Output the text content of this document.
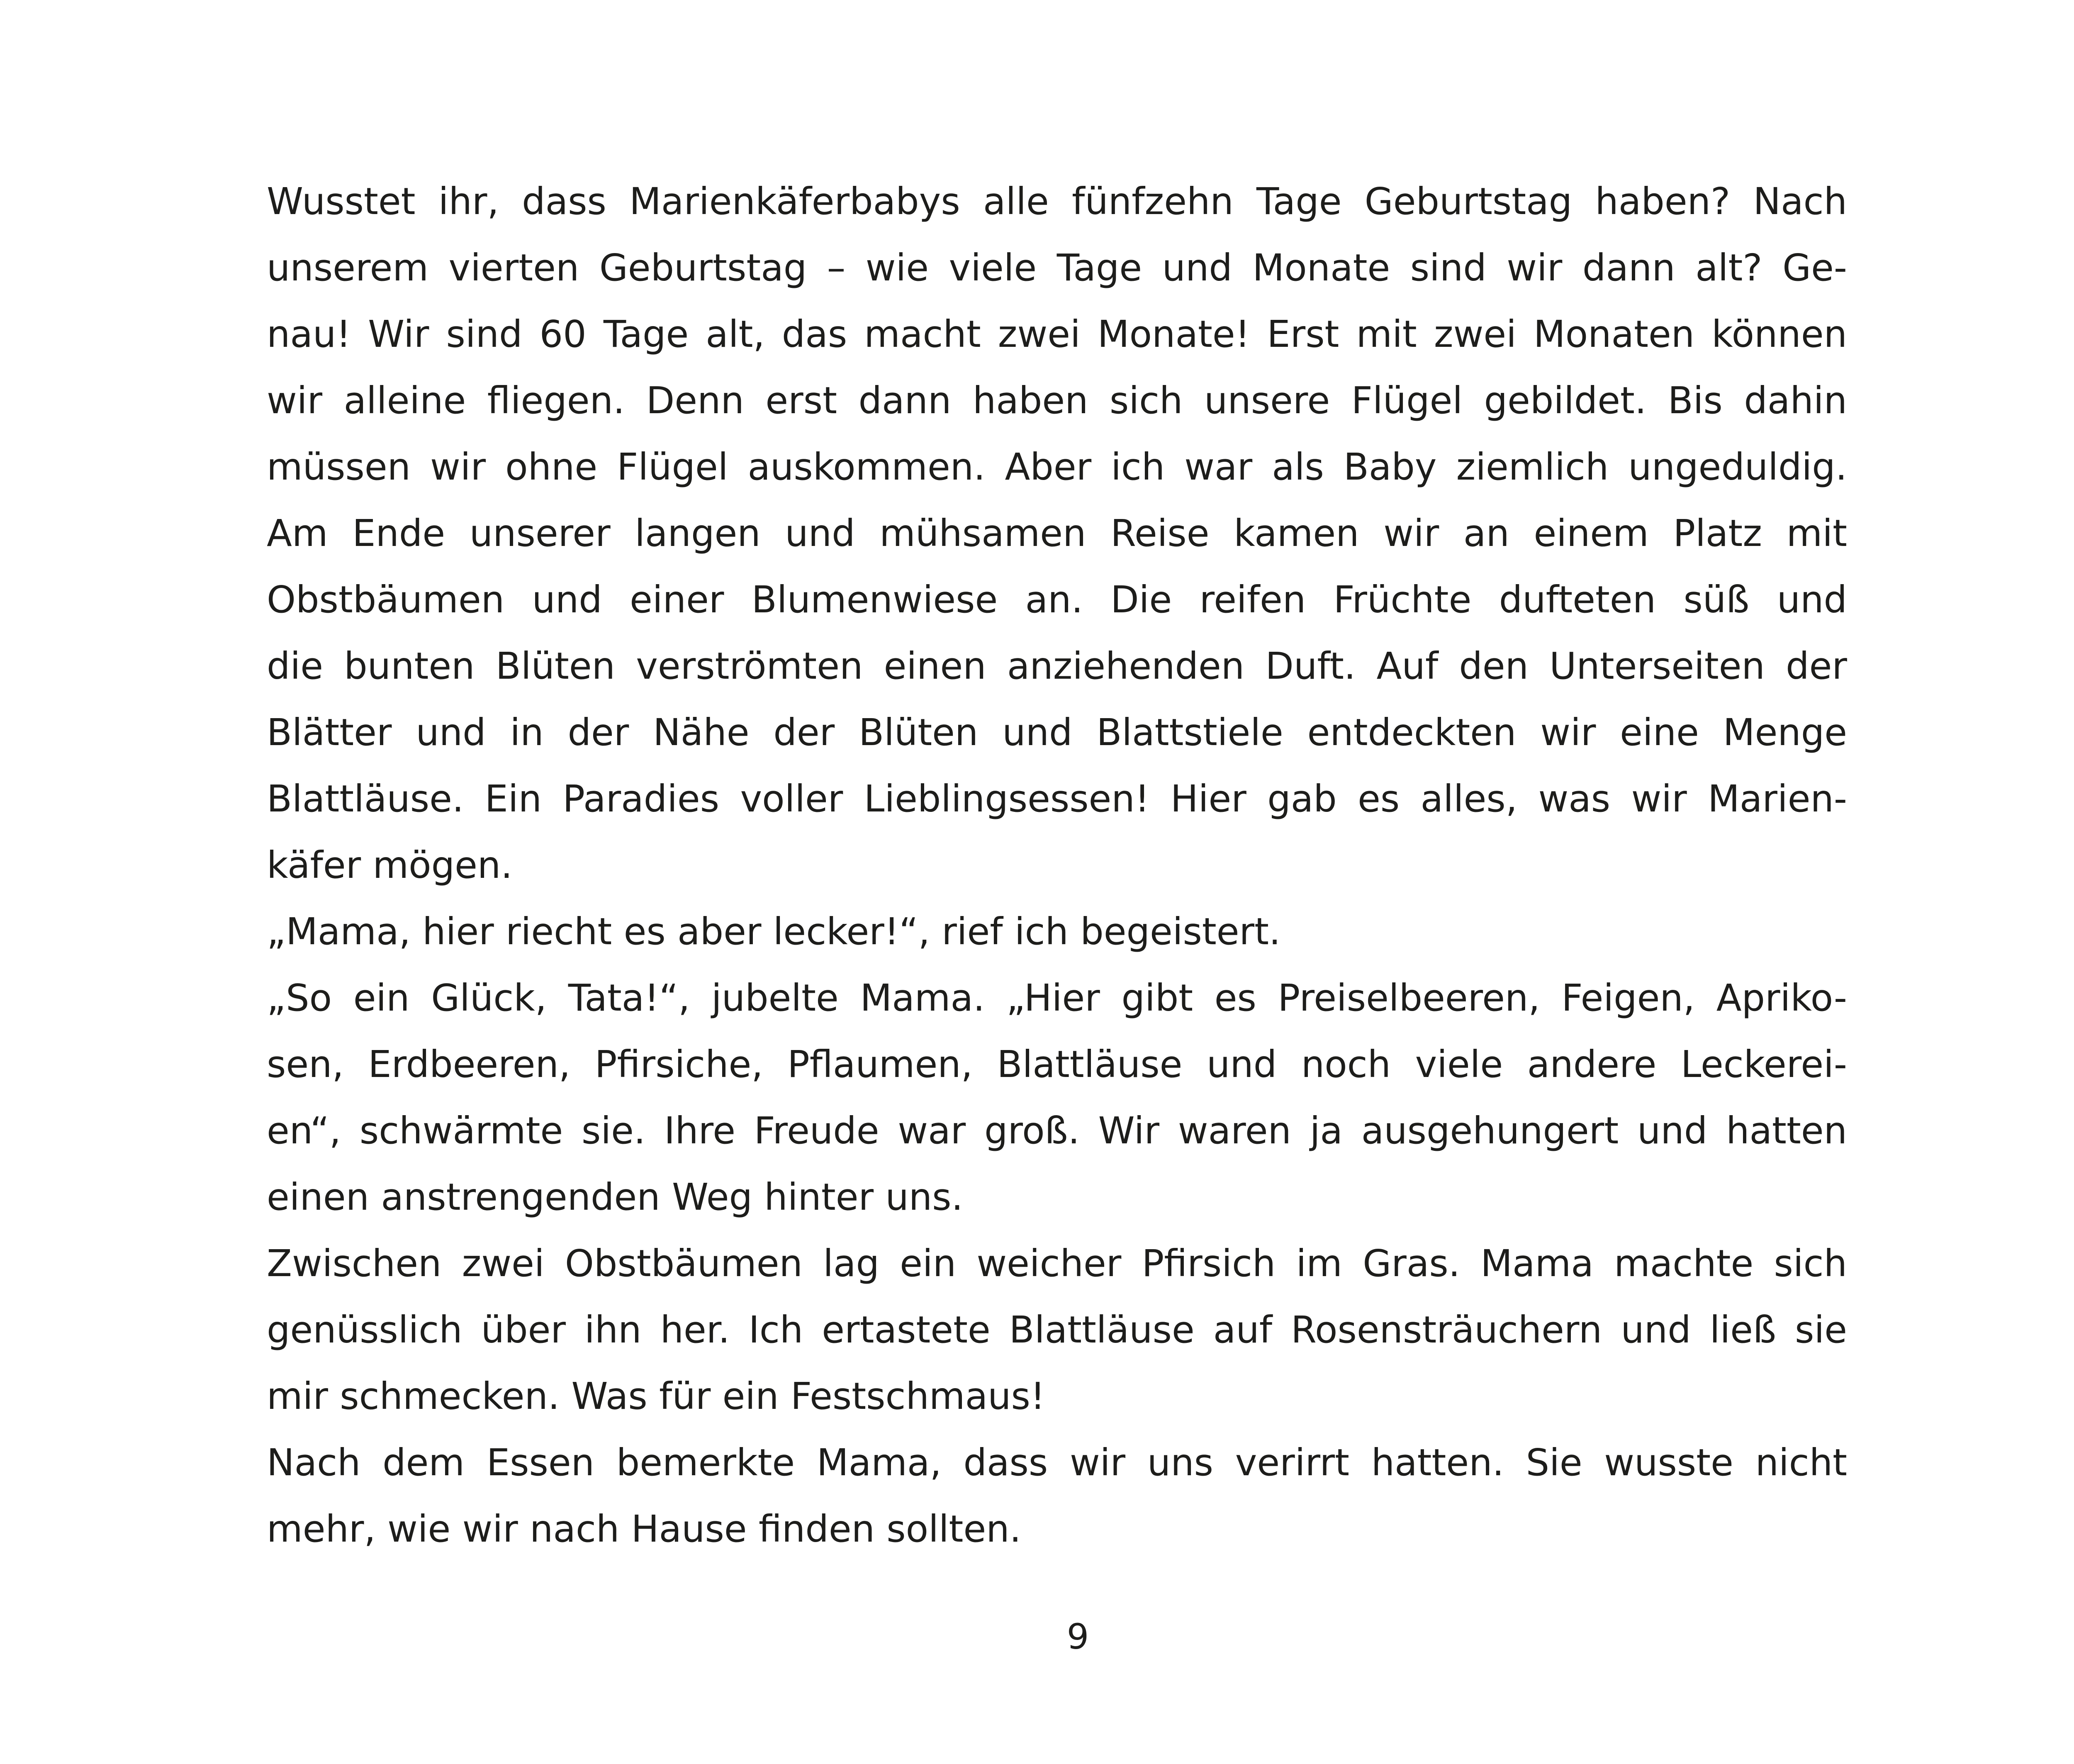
Wusstet ihr, dass Marienkäferbabys alle fünfzehn Tage Geburtstag haben? Nach
unserem vierten Geburtstag – wie viele Tage und Monate sind wir dann alt? Ge-
nau! Wir sind 60 Tage alt, das macht zwei Monate! Erst mit zwei Monaten können
wir alleine fliegen. Denn erst dann haben sich unsere Flügel gebildet. Bis dahin
müssen wir ohne Flügel auskommen. Aber ich war als Baby ziemlich ungeduldig.
Am Ende unserer langen und mühsamen Reise kamen wir an einem Platz mit
Obstbäumen und einer Blumenwiese an. Die reifen Früchte dufteten süß und
die bunten Blüten verströmten einen anziehenden Duft. Auf den Unterseiten der
Blätter und in der Nähe der Blüten und Blattstiele entdeckten wir eine Menge
Blattläuse. Ein Paradies voller Lieblingsessen! Hier gab es alles, was wir Marien-
käfer mögen.
„Mama, hier riecht es aber lecker!“, rief ich begeistert.
„So ein Glück, Tata!“, jubelte Mama. „Hier gibt es Preiselbeeren, Feigen, Apriko-
sen, Erdbeeren, Pfirsiche, Pflaumen, Blattläuse und noch viele andere Leckerei-
en“, schwärmte sie. Ihre Freude war groß. Wir waren ja ausgehungert und hatten
einen anstrengenden Weg hinter uns.
Zwischen zwei Obstbäumen lag ein weicher Pfirsich im Gras. Mama machte sich
genüsslich über ihn her. Ich ertastete Blattläuse auf Rosensträuchern und ließ sie
mir schmecken. Was für ein Festschmaus!
Nach dem Essen bemerkte Mama, dass wir uns verirrt hatten. Sie wusste nicht
mehr, wie wir nach Hause finden sollten.
9
